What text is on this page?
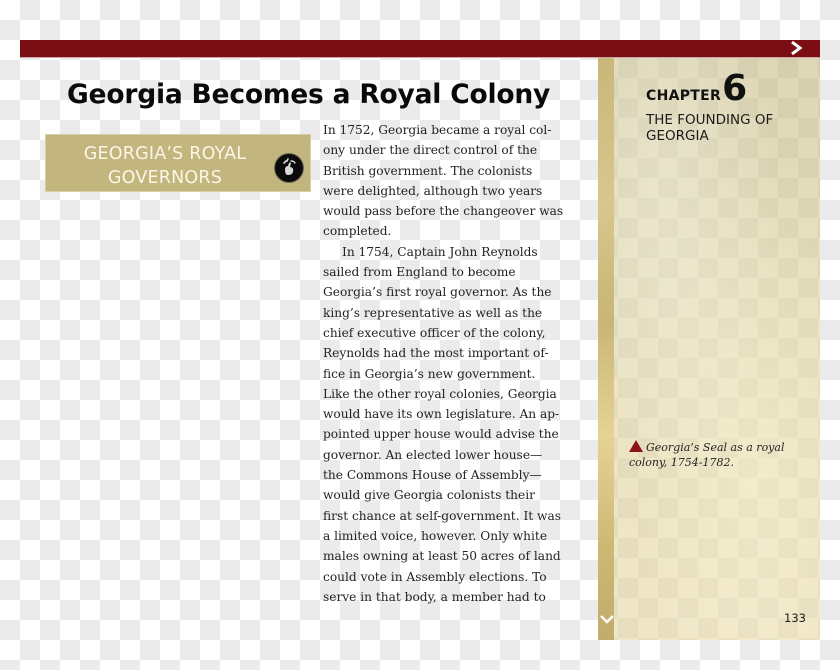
Georgia Becomes a Royal Colony
GEORGIA’S ROYAL
GOVERNORS
In 1752, Georgia became a royal col-
ony under the direct control of the
British government. The colonists
were delighted, although two years
would pass before the changeover was
completed.
In 1754, Captain John Reynolds
sailed from England to become
Georgia’s first royal governor. As the
king’s representative as well as the
chief executive officer of the colony,
Reynolds had the most important of-
fice in Georgia’s new government.
Like the other royal colonies, Georgia
would have its own legislature. An ap-
pointed upper house would advise the
governor. An elected lower house—
the Commons House of Assembly—
would give Georgia colonists their
first chance at self-government. It was
a limited voice, however. Only white
males owning at least 50 acres of land
could vote in Assembly elections. To
serve in that body, a member had to
CHAPTER6
THE FOUNDING OF
GEORGIA
Georgia’s Seal as a royal colony, 1754-1782.
133
